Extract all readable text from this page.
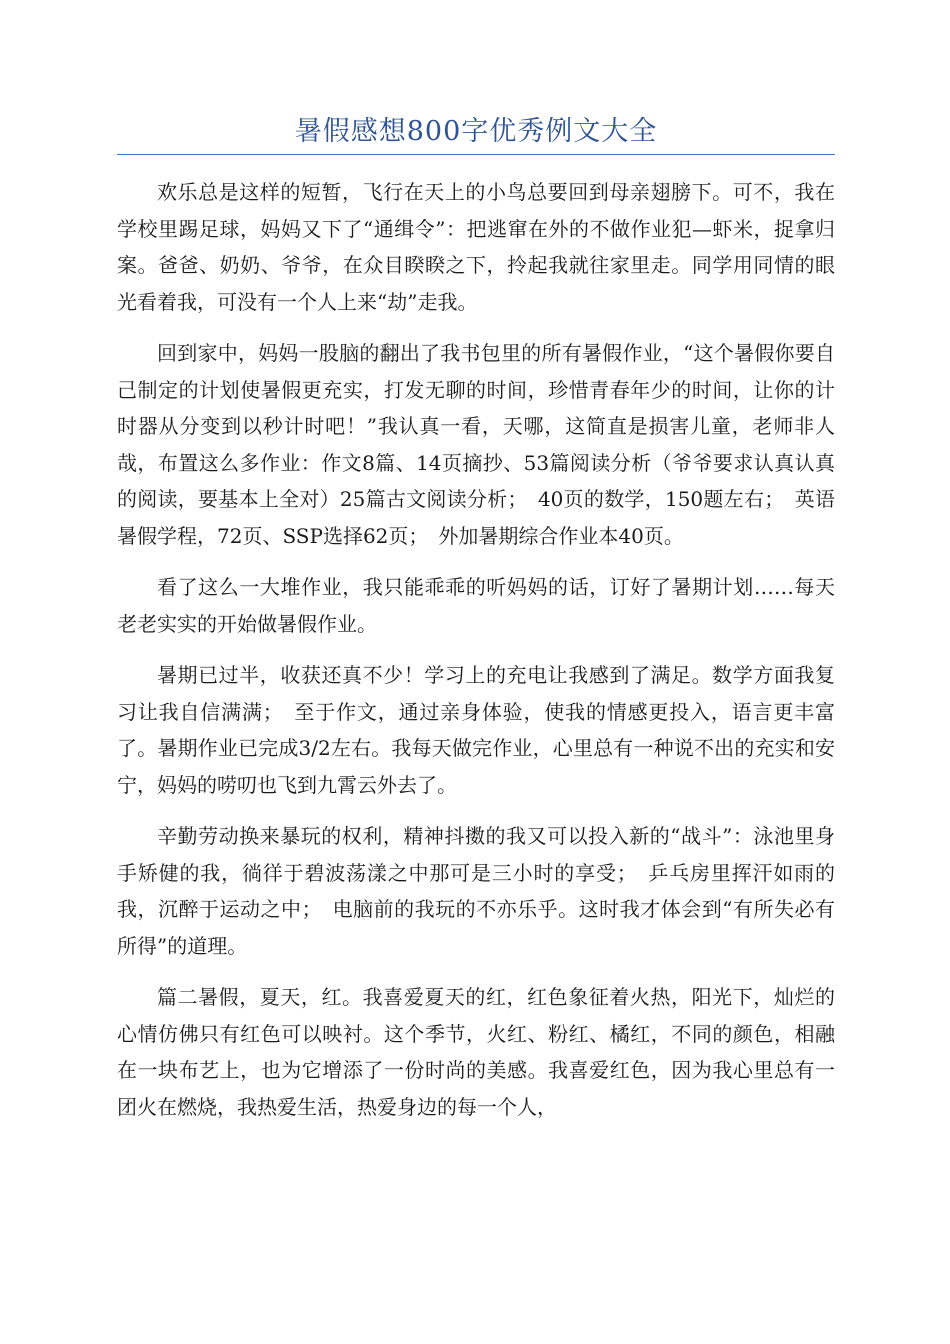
暑假感想800字优秀例文大全

欢乐总是这样的短暂，飞行在天上的小鸟总要回到母亲翅膀下。可不，我在学校里踢足球，妈妈又下了“通缉令”：把逃窜在外的不做作业犯—虾米，捉拿归案。爸爸、奶奶、爷爷，在众目睽睽之下，拎起我就往家里走。同学用同情的眼光看着我，可没有一个人上来“劫”走我。

回到家中，妈妈一股脑的翻出了我书包里的所有暑假作业，“这个暑假你要自己制定的计划使暑假更充实，打发无聊的时间，珍惜青春年少的时间，让你的计时器从分变到以秒计时吧！”我认真一看，天哪，这简直是损害儿童，老师非人哉，布置这么多作业：作文8篇、14页摘抄、53篇阅读分析（爷爷要求认真认真的阅读，要基本上全对）25篇古文阅读分析；　40页的数学，150题左右；　英语暑假学程，72页、SSP选择62页；　外加暑期综合作业本40页。

看了这么一大堆作业，我只能乖乖的听妈妈的话，订好了暑期计划……每天老老实实的开始做暑假作业。

暑期已过半，收获还真不少！学习上的充电让我感到了满足。数学方面我复习让我自信满满；　至于作文，通过亲身体验，使我的情感更投入，语言更丰富了。暑期作业已完成3/2左右。我每天做完作业，心里总有一种说不出的充实和安宁，妈妈的唠叨也飞到九霄云外去了。

辛勤劳动换来暴玩的权利，精神抖擞的我又可以投入新的“战斗”：泳池里身手矫健的我，徜徉于碧波荡漾之中那可是三小时的享受；　乒乓房里挥汗如雨的我，沉醉于运动之中；　电脑前的我玩的不亦乐乎。这时我才体会到“有所失必有所得”的道理。

篇二暑假，夏天，红。我喜爱夏天的红，红色象征着火热，阳光下，灿烂的心情仿佛只有红色可以映衬。这个季节，火红、粉红、橘红，不同的颜色，相融在一块布艺上，也为它增添了一份时尚的美感。我喜爱红色，因为我心里总有一团火在燃烧，我热爱生活，热爱身边的每一个人，
